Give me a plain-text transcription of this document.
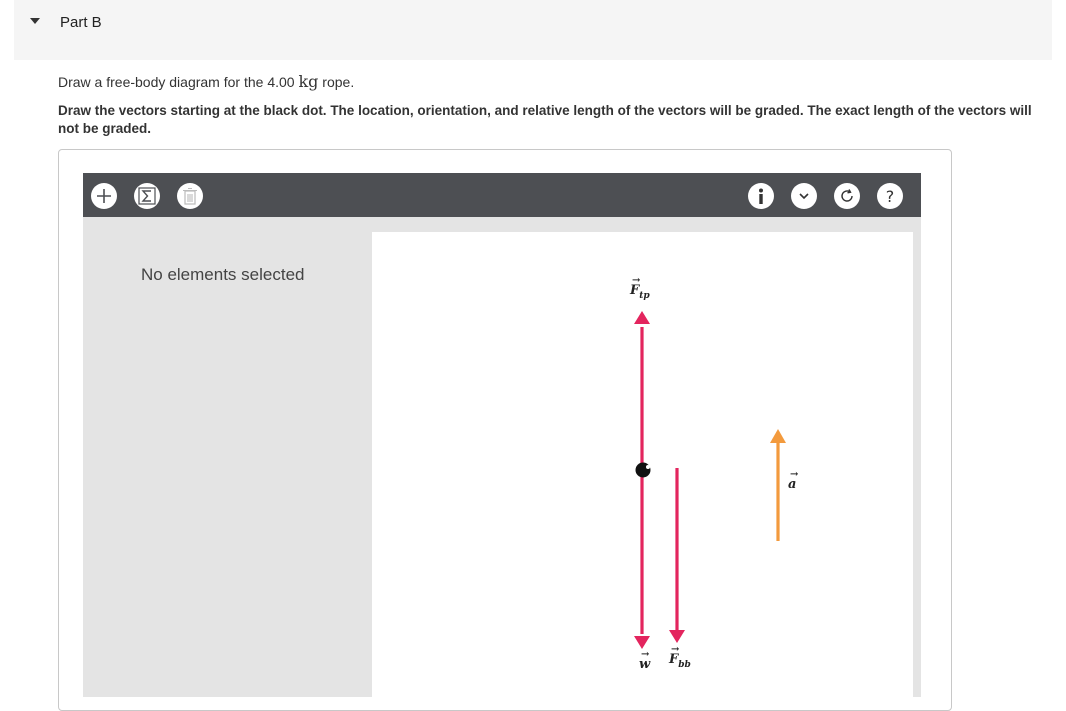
Part B
Draw a free-body diagram for the 4.00 kg rope.
Draw the vectors starting at the black dot. The location, orientation, and relative length of the vectors will be graded. The exact length of the vectors will not be graded.
?
No elements selected	→
$F_{tp}$
→
w
→
$F_{bb}$
→
a
